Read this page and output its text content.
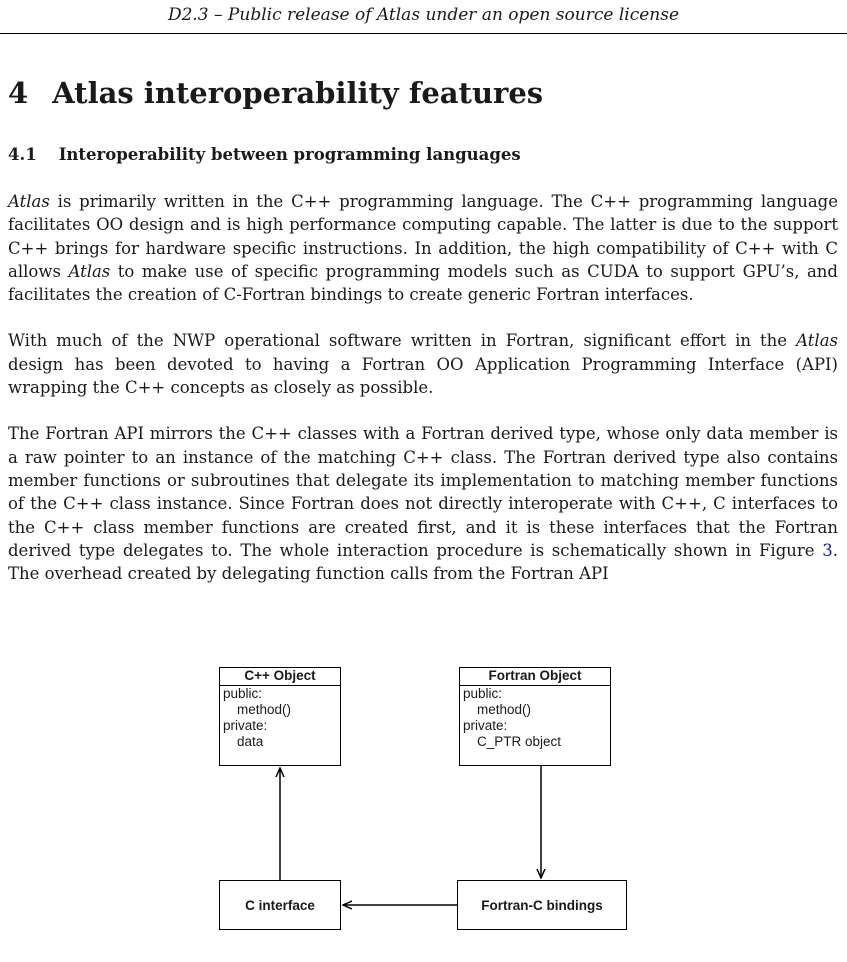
D2.3 – Public release of Atlas under an open source license
4 Atlas interoperability features
4.1 Interoperability between programming languages

Atlas is primarily written in the C++ programming language. The C++ programming language facilitates OO design and is high performance computing capable. The latter is due to the support C++ brings for hardware specific instructions. In addition, the high compatibility of C++ with C allows Atlas to make use of specific programming models such as CUDA to support GPU’s, and facilitates the creation of C-Fortran bindings to create generic Fortran interfaces.

With much of the NWP operational software written in Fortran, significant effort in the Atlas design has been devoted to having a Fortran OO Application Programming Interface (API) wrapping the C++ concepts as closely as possible.

The Fortran API mirrors the C++ classes with a Fortran derived type, whose only data member is a raw pointer to an instance of the matching C++ class. The Fortran derived type also contains member functions or subroutines that delegate its implementation to matching member functions of the C++ class instance. Since Fortran does not directly interoperate with C++, C interfaces to the C++ class member functions are created first, and it is these interfaces that the Fortran derived type delegates to. The whole interaction procedure is schematically shown in Figure 3. The overhead created by delegating function calls from the Fortran API

C++ Object
public:
method()
private:
data
Fortran Object
public:
method()
private:
C_PTR object
C interface	Fortran-C bindings
